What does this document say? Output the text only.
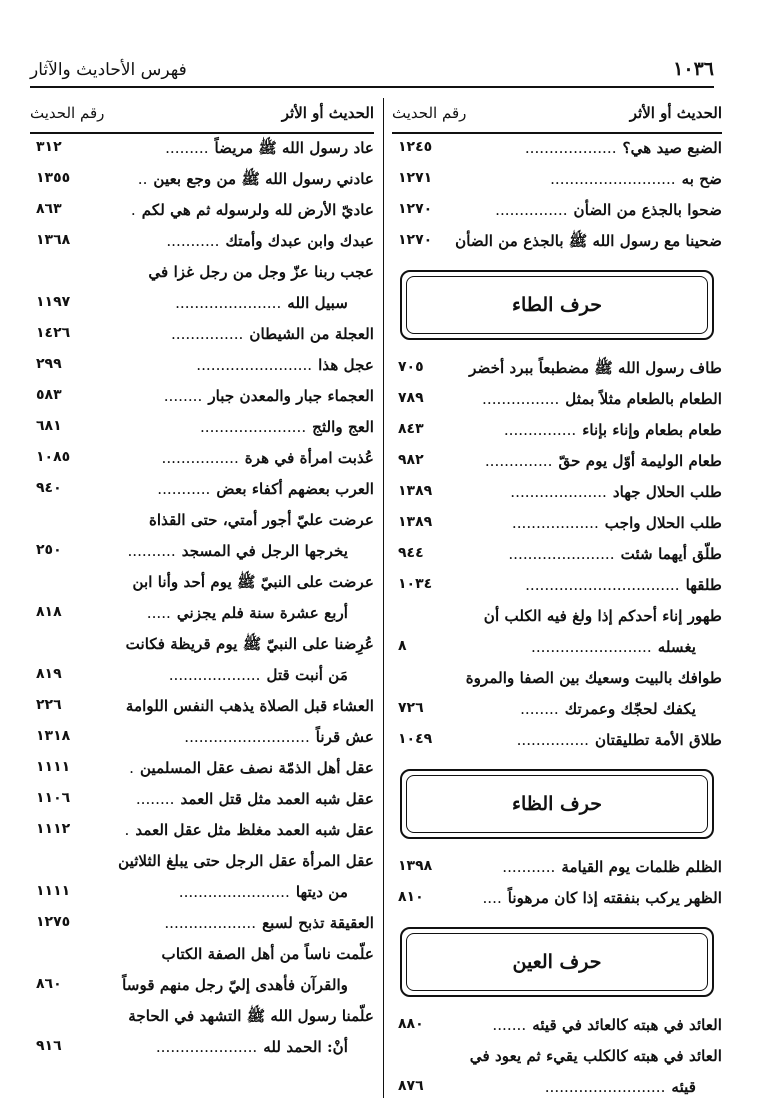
١٠٣٦
فهرس الأحاديث والآثار
الحديث أو الأثر
رقم الحديث
الضبع صيد هي؟...................
١٢٤٥
ضح به..........................
١٢٧١
ضحوا بالجذع من الضأن...............
١٢٧٠
ضحينا مع رسول الله ﷺ بالجذع من الضأن
١٢٧٠
حرف الطاء
طاف رسول الله ﷺ مضطبعاً ببرد أخضر
٧٠٥
الطعام بالطعام مثلاً بمثل................
٧٨٩
طعام بطعام وإناء بإناء...............
٨٤٣
طعام الوليمة أوّل يوم حقّ..............
٩٨٢
طلب الحلال جهاد....................
١٣٨٩
طلب الحلال واجب..................
١٣٨٩
طلّق أيهما شئت......................
٩٤٤
طلقها................................
١٠٣٤
طهور إناء أحدكم إذا ولغ فيه الكلب أن
يغسله.........................
٨
طوافك بالبيت وسعيك بين الصفا والمروة
يكفك لحجّك وعمرتك........
٧٢٦
طلاق الأمة تطليقتان...............
١٠٤٩
حرف الظاء
الظلم ظلمات يوم القيامة...........
١٣٩٨
الظهر يركب بنفقته إذا كان مرهوناً....
٨١٠
حرف العين
العائد في هبته كالعائد في قيئه.......
٨٨٠
العائد في هبته كالكلب يقيء ثم يعود في
قيئه.........................
٨٧٦
الحديث أو الأثر
رقم الحديث
عاد رسول الله ﷺ مريضاً.........
٣١٢
عادني رسول الله ﷺ من وجع بعين..
١٣٥٥
عاديّ الأرض لله ولرسوله ثم هي لكم.
٨٦٣
عبدك وابن عبدك وأمتك...........
١٣٦٨
عجب ربنا عزّ وجل من رجل غزا في
سبيل الله......................
١١٩٧
العجلة من الشيطان...............
١٤٢٦
عجل هذا........................
٢٩٩
العجماء جبار والمعدن جبار........
٥٨٣
العج والثج......................
٦٨١
عُذبت امرأة في هرة................
١٠٨٥
العرب بعضهم أكفاء بعض...........
٩٤٠
عرضت عليّ أجور أمتي، حتى القذاة
يخرجها الرجل في المسجد..........
٢٥٠
عرضت على النبيّ ﷺ يوم أحد وأنا ابن
أربع عشرة سنة فلم يجزني.....
٨١٨
عُرِضنا على النبيّ ﷺ يوم قريظة فكانت
مَن أنبت قتل...................
٨١٩
العشاء قبل الصلاة يذهب النفس اللوامة
٢٢٦
عش قرناً..........................
١٣١٨
عقل أهل الذمّة نصف عقل المسلمين.
١١١١
عقل شبه العمد مثل قتل العمد........
١١٠٦
عقل شبه العمد مغلظ مثل عقل العمد.
١١١٢
عقل المرأة عقل الرجل حتى يبلغ الثلاثين
من ديتها.......................
١١١١
العقيقة تذبح لسبع...................
١٢٧٥
علّمت ناساً من أهل الصفة الكتاب
والقرآن فأهدى إليّ رجل منهم قوساً
٨٦٠
علّمنا رسول الله ﷺ التشهد في الحاجة
أنْ: الحمد لله.....................
٩١٦
